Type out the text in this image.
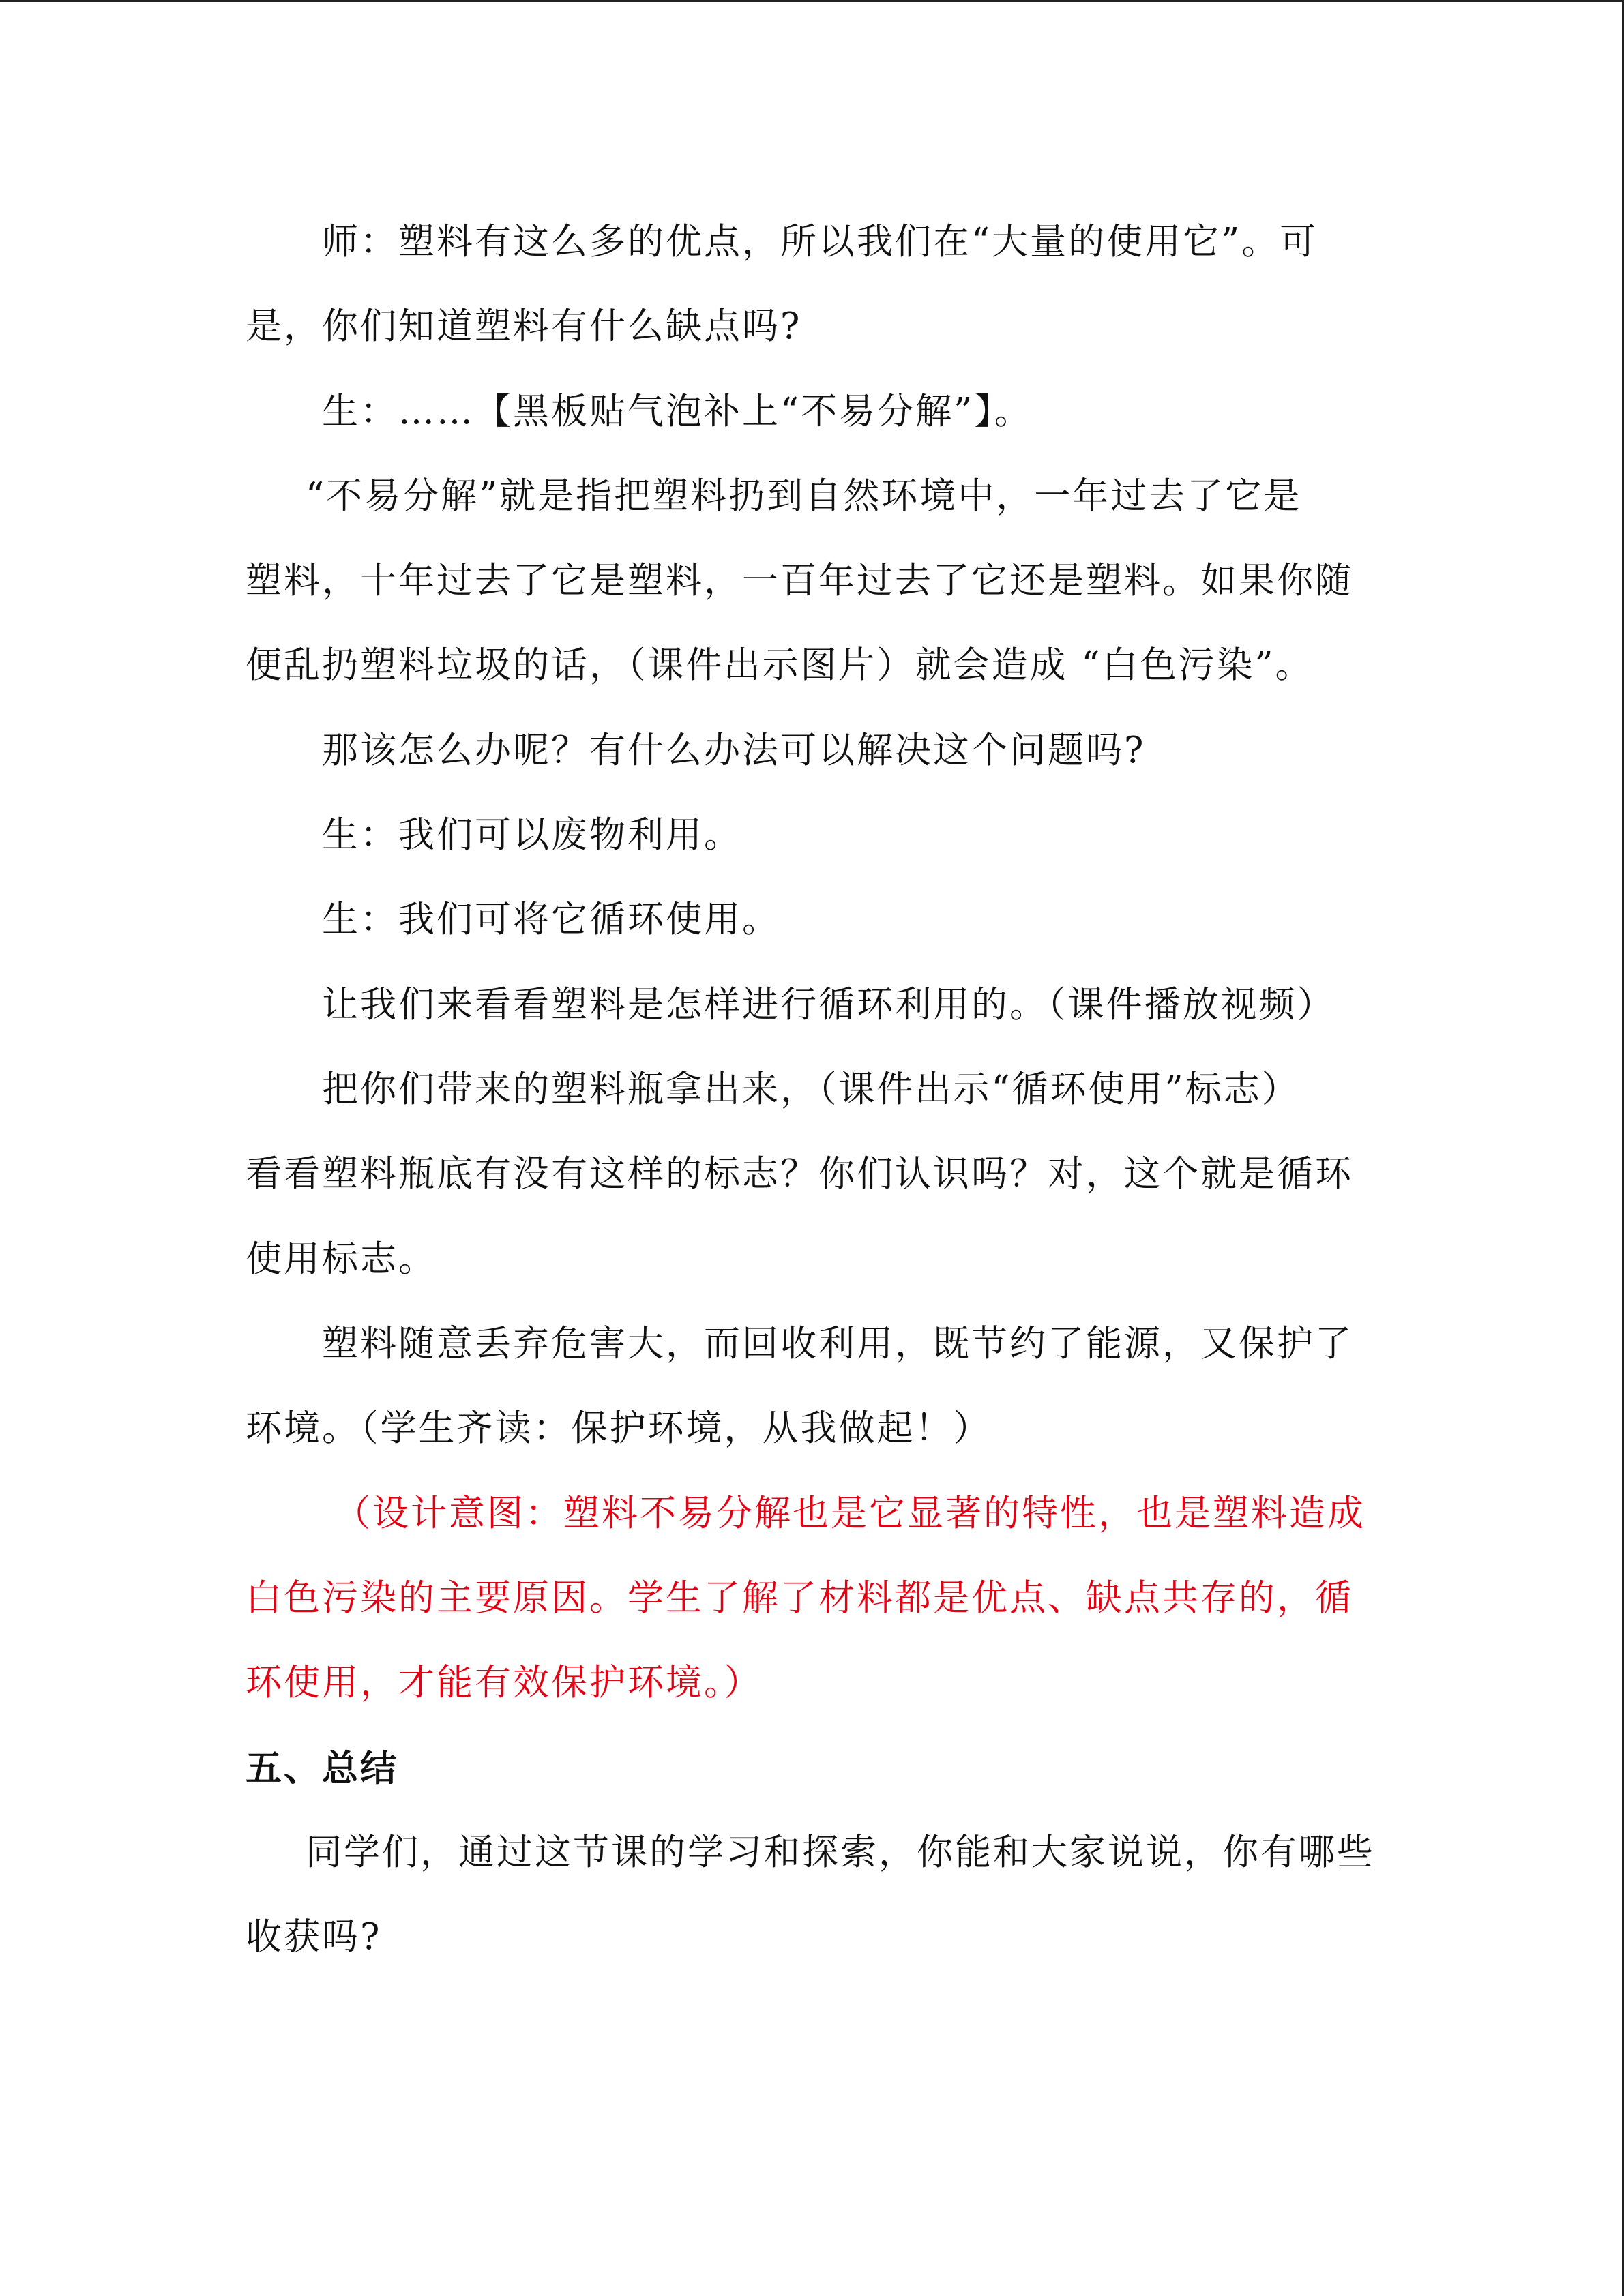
师：塑料有这么多的优点，所以我们在“大量的使用它”。可
是，你们知道塑料有什么缺点吗?
生：……【黑板贴气泡补上“不易分解”】。
“不易分解”就是指把塑料扔到自然环境中，一年过去了它是
塑料，十年过去了它是塑料，一百年过去了它还是塑料。如果你随
便乱扔塑料垃圾的话，（课件出示图片）就会造成 “白色污染”。
那该怎么办呢？有什么办法可以解决这个问题吗?
生：我们可以废物利用。
生：我们可将它循环使用。
让我们来看看塑料是怎样进行循环利用的。（课件播放视频）
把你们带来的塑料瓶拿出来，（课件出示“循环使用”标志）
看看塑料瓶底有没有这样的标志？你们认识吗？对，这个就是循环
使用标志。
塑料随意丢弃危害大，而回收利用，既节约了能源，又保护了
环境。（学生齐读：保护环境，从我做起！）
（设计意图：塑料不易分解也是它显著的特性，也是塑料造成
白色污染的主要原因。学生了解了材料都是优点、缺点共存的，循
环使用，才能有效保护环境。）
五、总结
同学们，通过这节课的学习和探索，你能和大家说说，你有哪些
收获吗?
